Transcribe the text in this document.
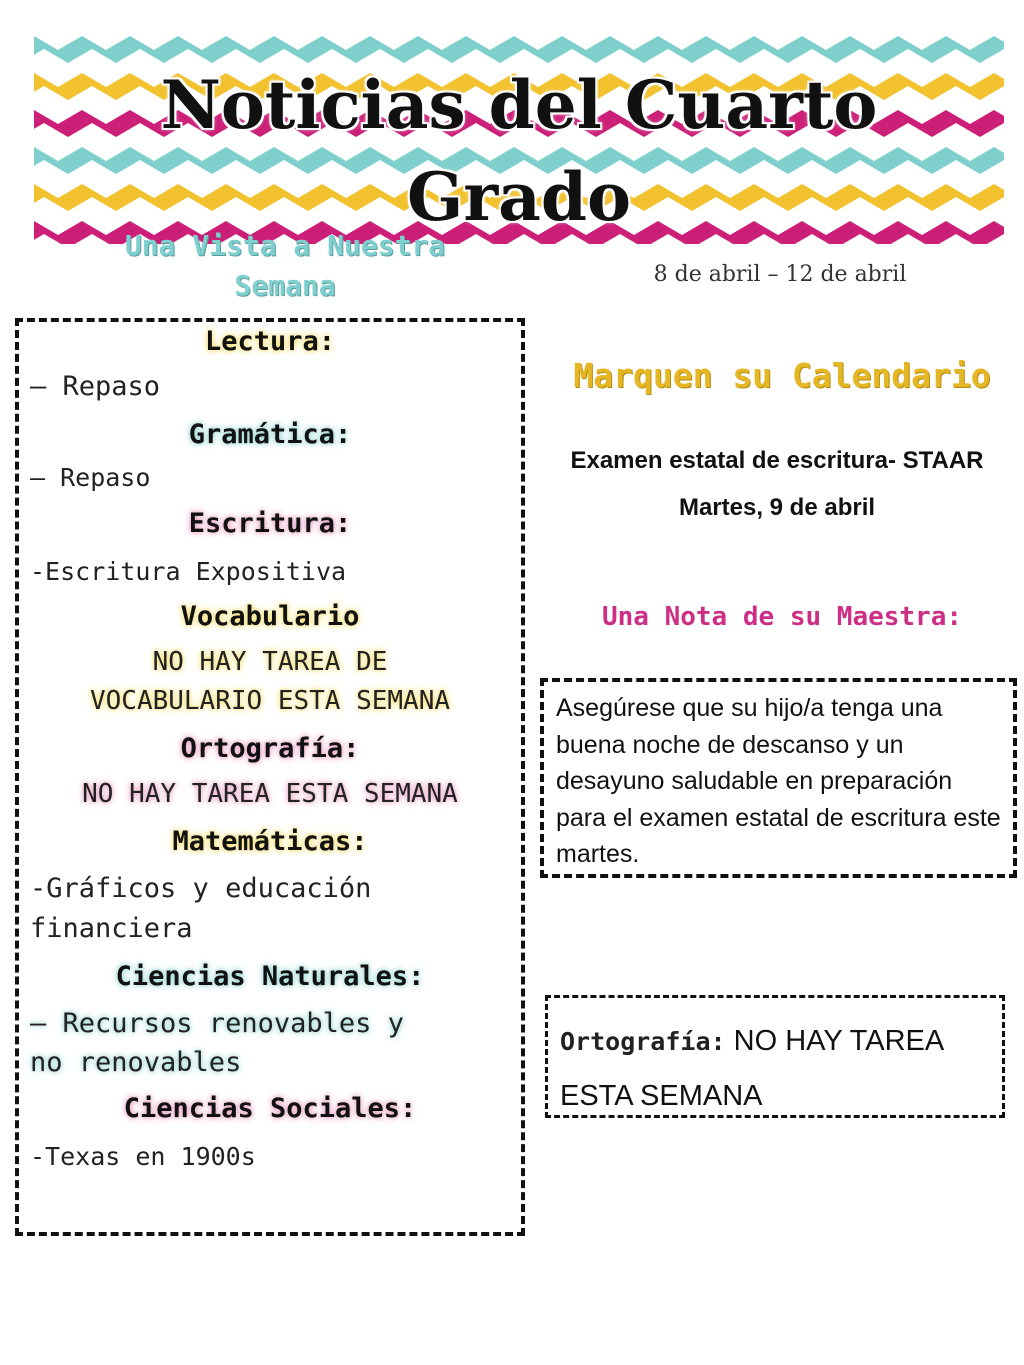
Noticias del Cuarto
Grado
Una Vista a Nuestra
Semana	8 de abril – 12 de abril
Lectura:
– Repaso
Gramática:
– Repaso
Escritura:
-Escritura Expositiva
Vocabulario
NO HAY TAREA DE
VOCABULARIO ESTA SEMANA
Ortografía:
NO HAY TAREA ESTA SEMANA
Matemáticas:
-Gráficos y educación
financiera
Ciencias Naturales:
– Recursos renovables y
no renovables
Ciencias Sociales:
-Texas en 1900s
Marquen su Calendario
Examen estatal de escritura- STAAR
Martes, 9 de abril
Una Nota de su Maestra:
Asegúrese que su hijo/a tenga una buena noche de descanso y un desayuno saludable en preparación para el examen estatal de escritura este martes.
Ortografía: NO HAY TAREA ESTA SEMANA
